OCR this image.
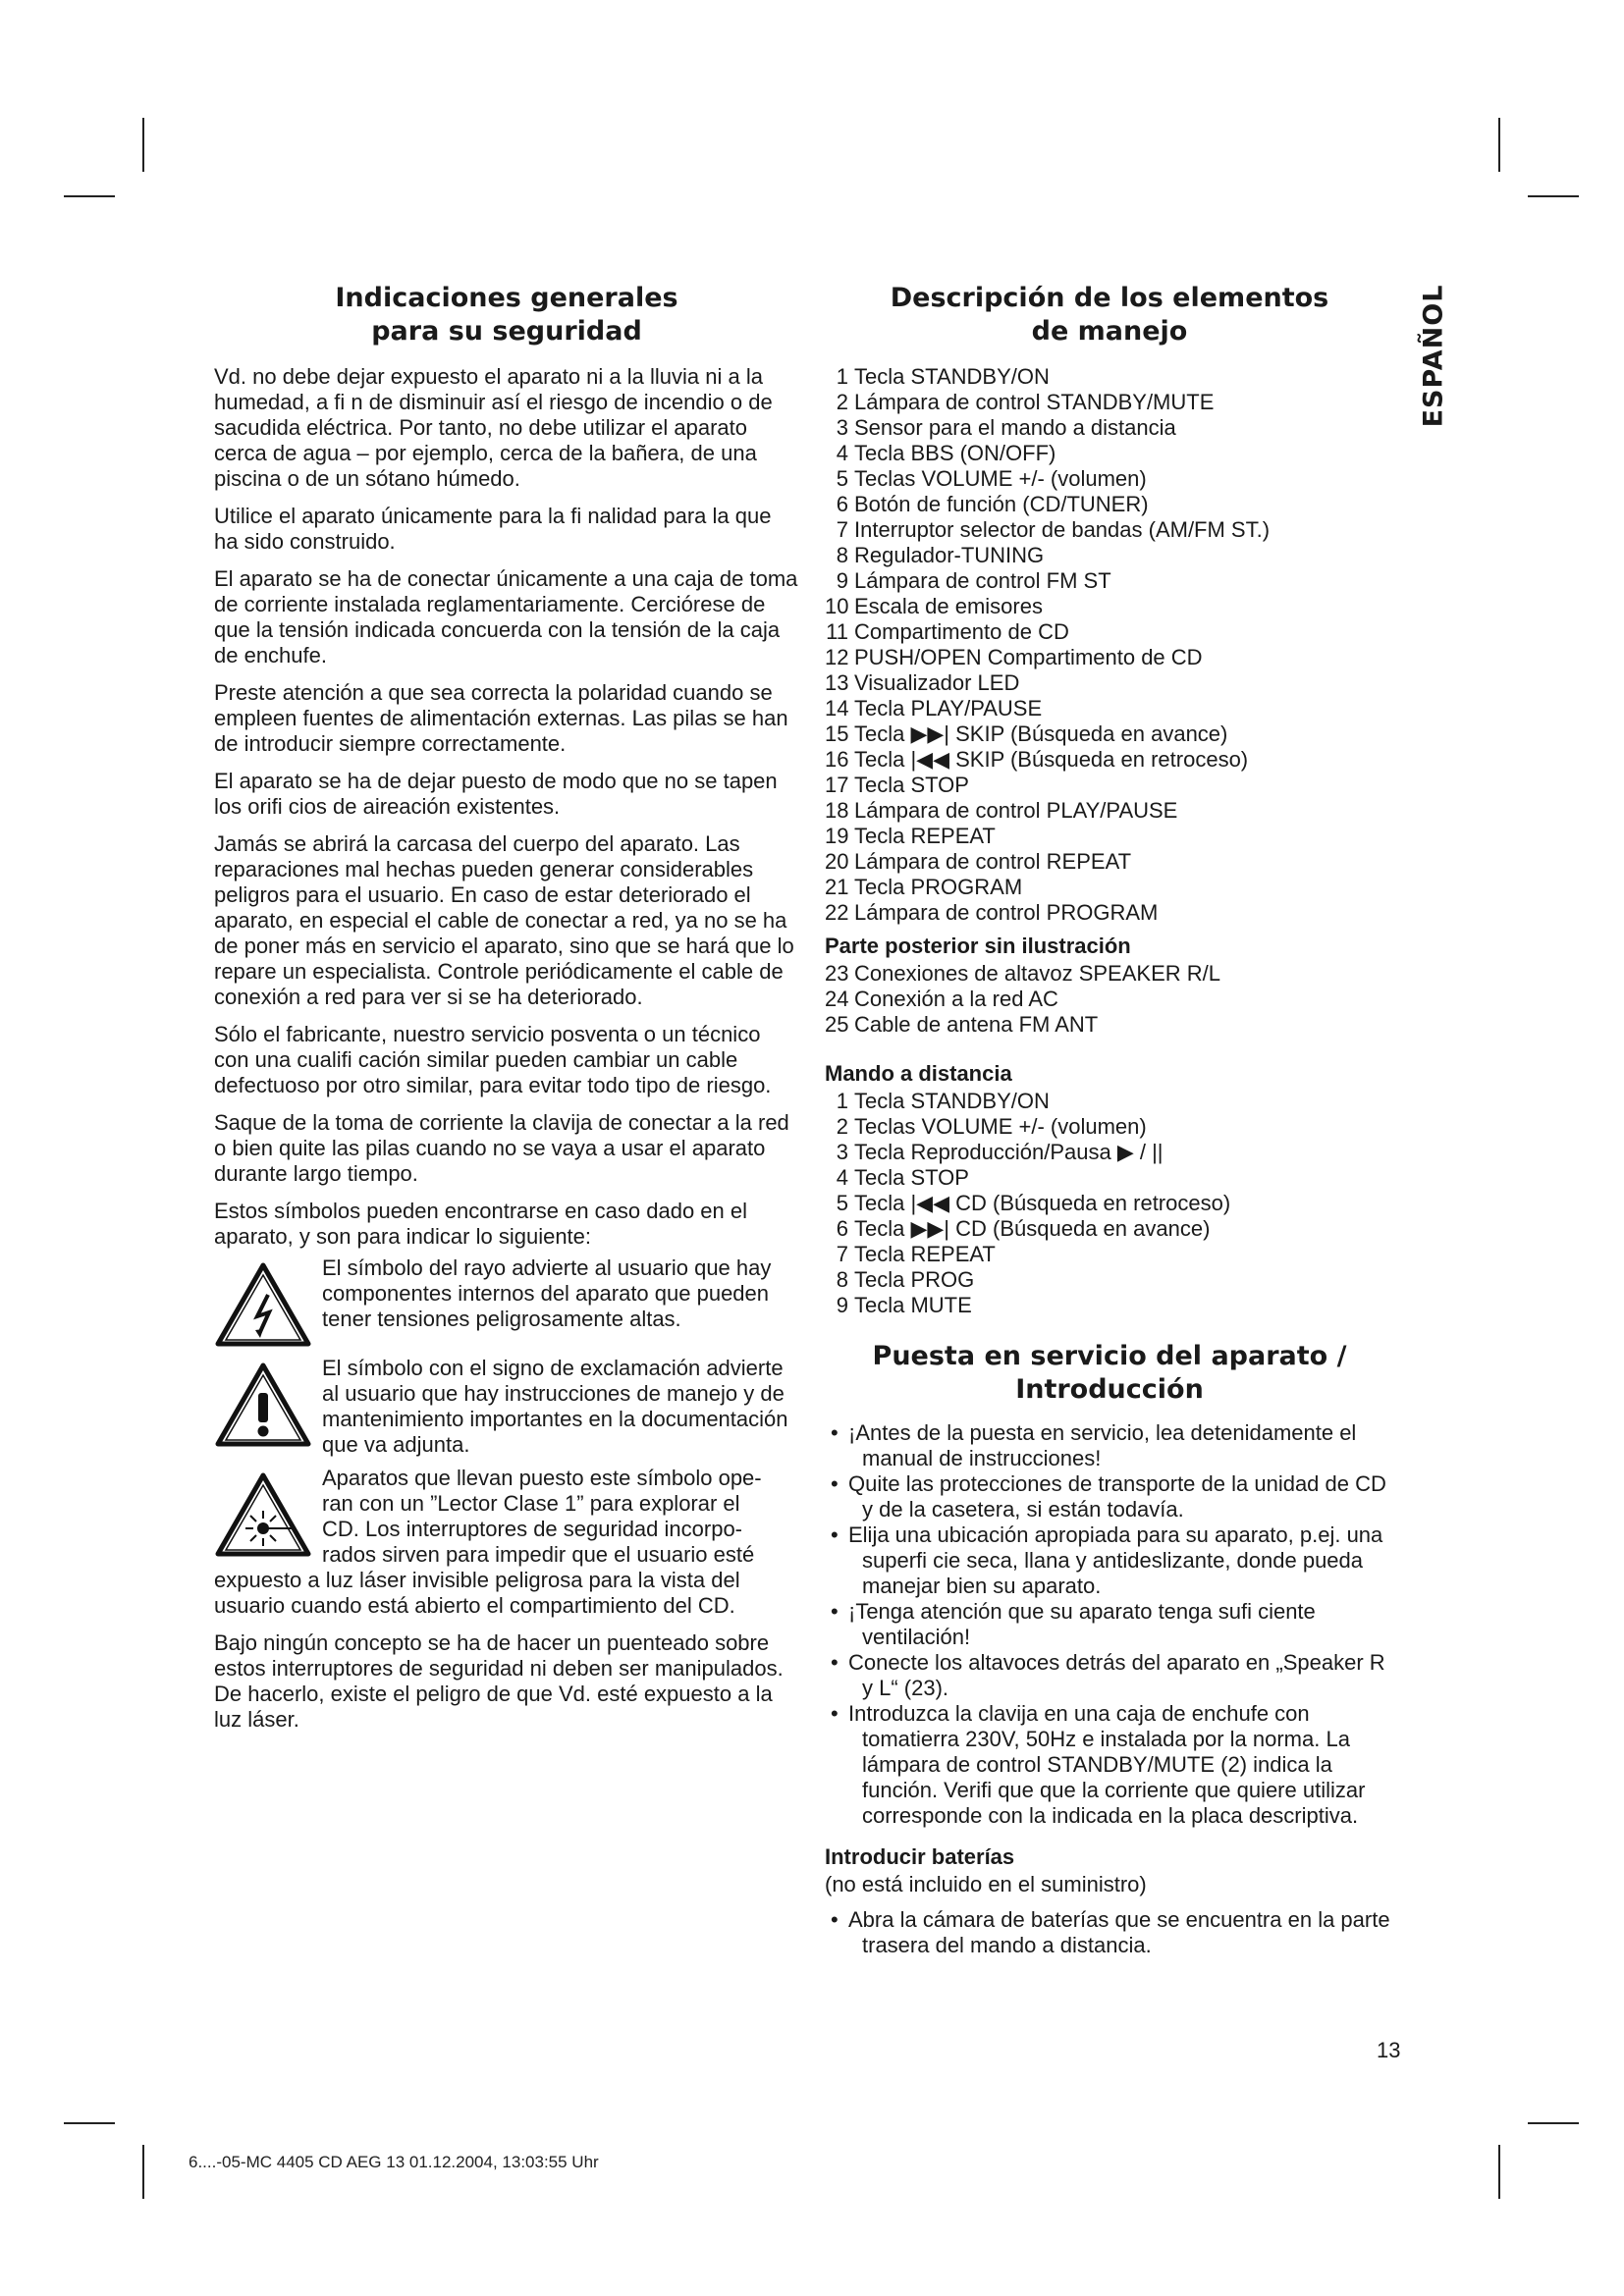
ESPAÑOL
Indicaciones generales
para su seguridad

Vd. no debe dejar expuesto el aparato ni a la lluvia ni a la humedad, a fi n de disminuir así el riesgo de incendio o de sacudida eléctrica. Por tanto, no debe utilizar el aparato cerca de agua – por ejemplo, cerca de la bañera, de una piscina o de un sótano húmedo.

Utilice el aparato únicamente para la fi nalidad para la que ha sido construido.

El aparato se ha de conectar únicamente a una caja de toma de corriente instalada reglamentariamente. Cerciórese de que la tensión indicada concuerda con la tensión de la caja de enchufe.

Preste atención a que sea correcta la polaridad cuando se empleen fuentes de alimentación externas. Las pilas se han de introducir siempre correctamente.

El aparato se ha de dejar puesto de modo que no se tapen los orifi cios de aireación existentes.

Jamás se abrirá la carcasa del cuerpo del aparato. Las reparaciones mal hechas pueden generar considerables peligros para el usuario. En caso de estar deteriorado el aparato, en especial el cable de conectar a red, ya no se ha de poner más en servicio el aparato, sino que se hará que lo repare un especialista. Controle periódicamente el cable de conexión a red para ver si se ha deteriorado.

Sólo el fabricante, nuestro servicio posventa o un técnico con una cualifi cación similar pueden cambiar un cable defectuoso por otro similar, para evitar todo tipo de riesgo.

Saque de la toma de corriente la clavija de conectar a la red o bien quite las pilas cuando no se vaya a usar el aparato durante largo tiempo.

Estos símbolos pueden encontrarse en caso dado en el aparato, y son para indicar lo siguiente:

El símbolo del rayo advierte al usuario que hay componentes internos del aparato que pueden tener tensiones peligrosamente altas.
El símbolo con el signo de exclamación advierte al usuario que hay instrucciones de manejo y de mantenimiento importantes en la documentación que va adjunta.
Aparatos que llevan puesto este símbolo ope-
ran con un ”Lector Clase 1” para explorar el
CD. Los interruptores de seguridad incorpo-
rados sirven para impedir que el usuario esté

expuesto a luz láser invisible peligrosa para la vista del usuario cuando está abierto el compartimiento del CD.

Bajo ningún concepto se ha de hacer un puenteado sobre estos interruptores de seguridad ni deben ser manipulados. De hacerlo, existe el peligro de que Vd. esté expuesto a la luz láser.

Descripción de los elementos
de manejo
1 Tecla STANDBY/ON
2 Lámpara de control STANDBY/MUTE
3 Sensor para el mando a distancia
4 Tecla BBS (ON/OFF)
5 Teclas VOLUME +/- (volumen)
6 Botón de función (CD/TUNER)
7 Interruptor selector de bandas (AM/FM ST.)
8 Regulador-TUNING
9 Lámpara de control FM ST
10 Escala de emisores
11 Compartimento de CD
12 PUSH/OPEN Compartimento de CD
13 Visualizador LED
14 Tecla PLAY/PAUSE
15 Tecla ▶▶| SKIP (Búsqueda en avance)
16 Tecla |◀◀ SKIP (Búsqueda en retroceso)
17 Tecla STOP
18 Lámpara de control PLAY/PAUSE
19 Tecla REPEAT
20 Lámpara de control REPEAT
21 Tecla PROGRAM
22 Lámpara de control PROGRAM
Parte posterior sin ilustración
23 Conexiones de altavoz SPEAKER R/L
24 Conexión a la red AC
25 Cable de antena FM ANT
Mando a distancia
1 Tecla STANDBY/ON
2 Teclas VOLUME +/- (volumen)
3 Tecla Reproducción/Pausa ▶ / ||
4 Tecla STOP
5 Tecla |◀◀ CD (Búsqueda en retroceso)
6 Tecla ▶▶| CD (Búsqueda en avance)
7 Tecla REPEAT
8 Tecla PROG
9 Tecla MUTE
Puesta en servicio del aparato /
Introducción
• ¡Antes de la puesta en servicio, lea detenidamente el manual de instrucciones!
• Quite las protecciones de transporte de la unidad de CD y de la casetera, si están todavía.
• Elija una ubicación apropiada para su aparato, p.ej. una superfi cie seca, llana y antideslizante, donde pueda manejar bien su aparato.
• ¡Tenga atención que su aparato tenga sufi ciente ventilación!
• Conecte los altavoces detrás del aparato en „Speaker R y L“ (23).
• Introduzca la clavija en una caja de enchufe con tomatierra 230V, 50Hz e instalada por la norma. La lámpara de control STANDBY/MUTE (2) indica la función. Verifi que que la corriente que quiere utilizar corresponde con la indicada en la placa descriptiva.
Introducir baterías
(no está incluido en el suministro)
• Abra la cámara de baterías que se encuentra en la parte trasera del mando a distancia.
13
6....-05-MC 4405 CD AEG 13 01.12.2004, 13:03:55 Uhr
